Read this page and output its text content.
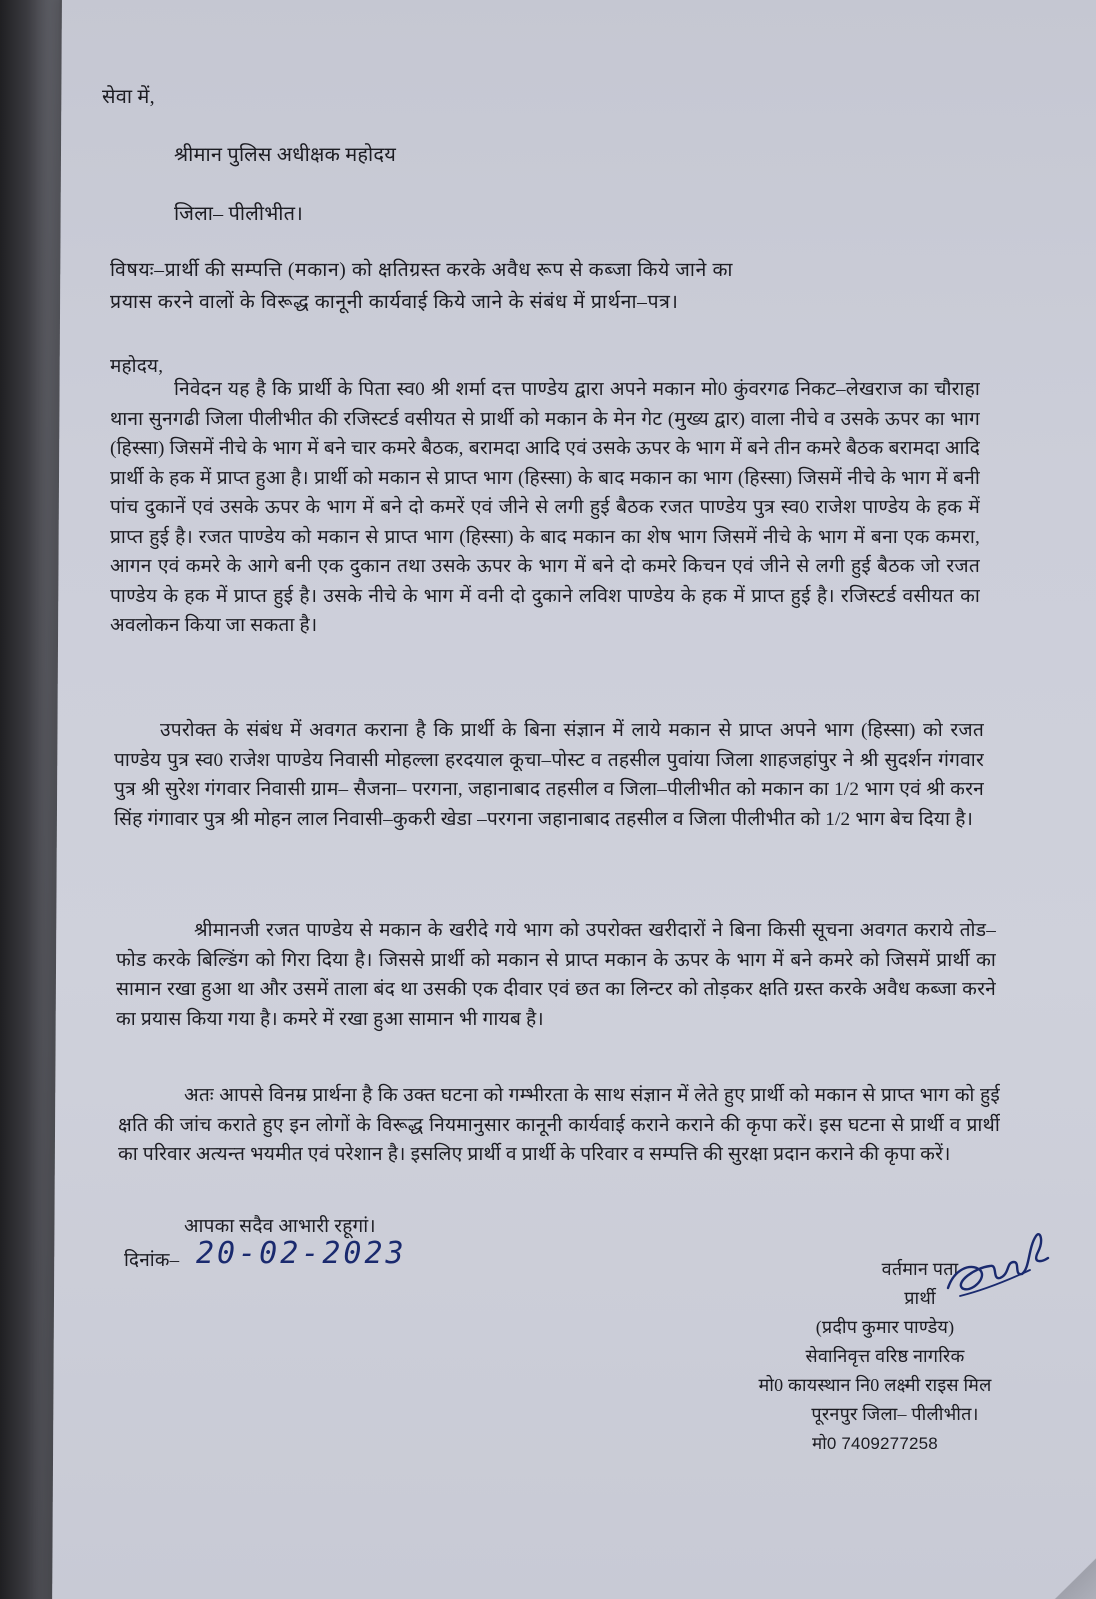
सेवा में,
श्रीमान पुलिस अधीक्षक महोदय
जिला– पीलीभीत।
विषयः–प्रार्थी की सम्पत्ति (मकान) को क्षतिग्रस्त करके अवैध रूप से कब्जा किये जाने का
प्रयास करने वालों के विरूद्ध कानूनी कार्यवाई किये जाने के संबंध में प्रार्थना–पत्र।
महोदय,
निवेदन यह है कि प्रार्थी के पिता स्व0 श्री शर्मा दत्त पाण्डेय द्वारा अपने मकान मो0 कुंवरगढ निकट–लेखराज का चौराहा थाना सुनगढी जिला पीलीभीत की रजिस्टर्ड वसीयत से प्रार्थी को मकान के मेन गेट (मुख्य द्वार) वाला नीचे व उसके ऊपर का भाग (हिस्सा) जिसमें नीचे के भाग में बने चार कमरे बैठक, बरामदा आदि एवं उसके ऊपर के भाग में बने तीन कमरे बैठक बरामदा आदि प्रार्थी के हक में प्राप्त हुआ है। प्रार्थी को मकान से प्राप्त भाग (हिस्सा) के बाद मकान का भाग (हिस्सा) जिसमें नीचे के भाग में बनी पांच दुकानें एवं उसके ऊपर के भाग में बने दो कमरें एवं जीने से लगी हुई बैठक रजत पाण्डेय पुत्र स्व0 राजेश पाण्डेय के हक में प्राप्त हुई है। रजत पाण्डेय को मकान से प्राप्त भाग (हिस्सा) के बाद मकान का शेष भाग जिसमें नीचे के भाग में बना एक कमरा, आगन एवं कमरे के आगे बनी एक दुकान तथा उसके ऊपर के भाग में बने दो कमरे किचन एवं जीने से लगी हुई बैठक जो रजत पाण्डेय के हक में प्राप्त हुई है। उसके नीचे के भाग में वनी दो दुकाने लविश पाण्डेय के हक में प्राप्त हुई है। रजिस्टर्ड वसीयत का अवलोकन किया जा सकता है।
उपरोक्त के संबंध में अवगत कराना है कि प्रार्थी के बिना संज्ञान में लाये मकान से प्राप्त अपने भाग (हिस्सा) को रजत पाण्डेय पुत्र स्व0 राजेश पाण्डेय निवासी मोहल्ला हरदयाल कूचा–पोस्ट व तहसील पुवांया जिला शाहजहांपुर ने श्री सुदर्शन गंगवार पुत्र श्री सुरेश गंगवार निवासी ग्राम– सैजना– परगना, जहानाबाद तहसील व जिला–पीलीभीत को मकान का 1/2 भाग एवं श्री करन सिंह गंगावार पुत्र श्री मोहन लाल निवासी–कुकरी खेडा –परगना जहानाबाद तहसील व जिला पीलीभीत को 1/2 भाग बेच दिया है।
श्रीमानजी रजत पाण्डेय से मकान के खरीदे गये भाग को उपरोक्त खरीदारों ने बिना किसी सूचना अवगत कराये तोड–फोड करके बिल्डिंग को गिरा दिया है। जिससे प्रार्थी को मकान से प्राप्त मकान के ऊपर के भाग में बने कमरे को जिसमें प्रार्थी का सामान रखा हुआ था और उसमें ताला बंद था उसकी एक दीवार एवं छत का लिन्टर को तोड़कर क्षति ग्रस्त करके अवैध कब्जा करने का प्रयास किया गया है। कमरे में रखा हुआ सामान भी गायब है।
अतः आपसे विनम्र प्रार्थना है कि उक्त घटना को गम्भीरता के साथ संज्ञान में लेते हुए प्रार्थी को मकान से प्राप्त भाग को हुई क्षति की जांच कराते हुए इन लोगों के विरूद्ध नियमानुसार कानूनी कार्यवाई कराने कराने की कृपा करें। इस घटना से प्रार्थी व प्रार्थी का परिवार अत्यन्त भयमीत एवं परेशान है। इसलिए प्रार्थी व प्रार्थी के परिवार व सम्पत्ति की सुरक्षा प्रदान कराने की कृपा करें।
आपका सदैव आभारी रहूगां।
दिनांक– 20-02-2023	वर्तमान पता
प्रार्थी
(प्रदीप कुमार पाण्डेय)
सेवानिवृत्त वरिष्ठ नागरिक
मो0 कायस्थान नि0 लक्ष्मी राइस मिल
पूरनपुर जिला– पीलीभीत।
मो0 7409277258
